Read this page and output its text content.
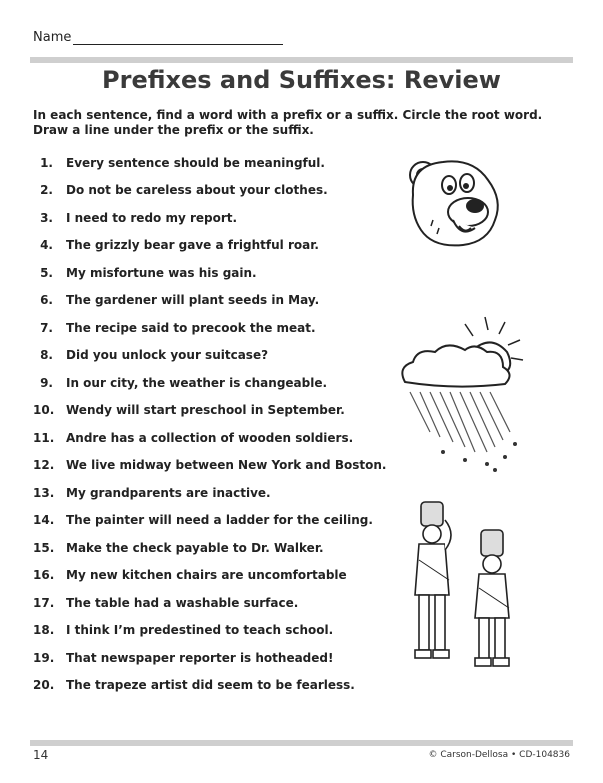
Name
Prefixes and Suffixes: Review
In each sentence, find a word with a prefix or a suffix. Circle the root word. Draw a line under the prefix or the suffix.
1. Every sentence should be meaningful.
2. Do not be careless about your clothes.
3. I need to redo my report.
4. The grizzly bear gave a frightful roar.
5. My misfortune was his gain.
6. The gardener will plant seeds in May.
7. The recipe said to precook the meat.
8. Did you unlock your suitcase?
9. In our city, the weather is changeable.
10. Wendy will start preschool in September.
11. Andre has a collection of wooden soldiers.
12. We live midway between New York and Boston.
13. My grandparents are inactive.
14. The painter will need a ladder for the ceiling.
15. Make the check payable to Dr. Walker.
16. My new kitchen chairs are uncomfortable
17. The table had a washable surface.
18. I think I’m predestined to teach school.
19. That newspaper reporter is hotheaded!
20. The trapeze artist did seem to be fearless.
14	© Carson-Dellosa • CD-104836
